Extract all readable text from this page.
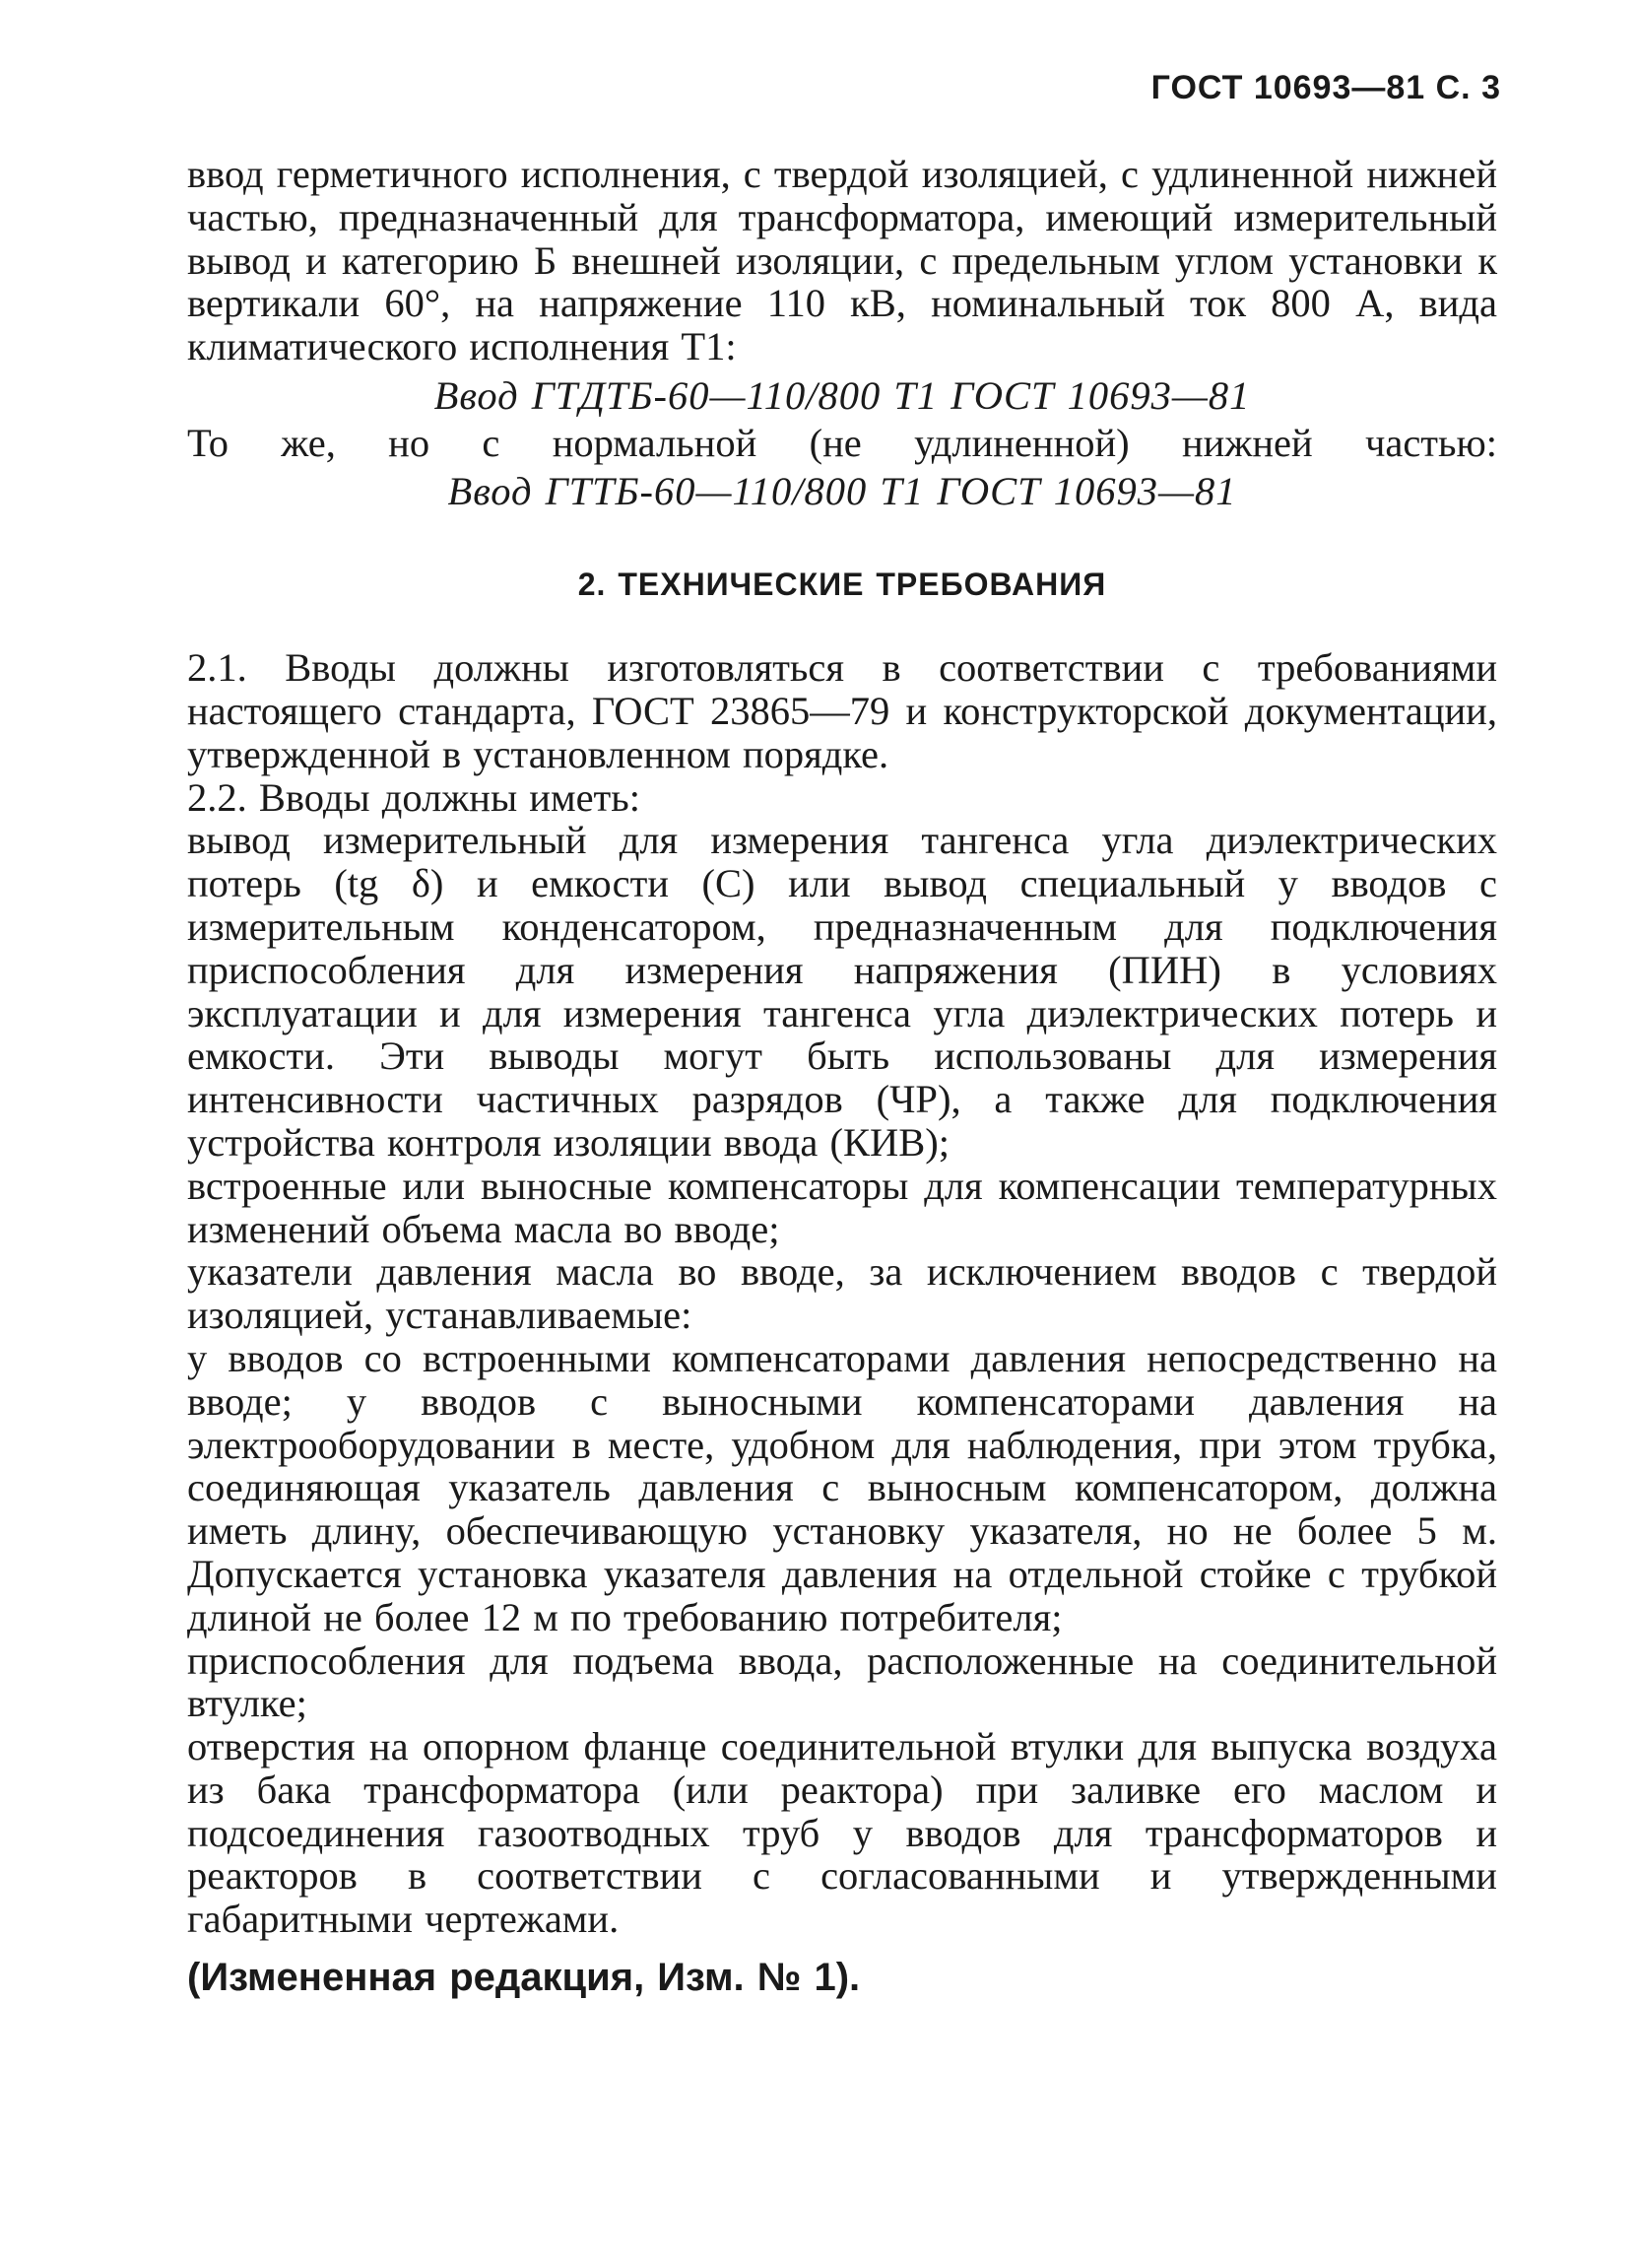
ГОСТ 10693—81 С. 3

ввод герметичного исполнения, с твердой изоляцией, с удлиненной нижней частью, предназначенный для трансформатора, имеющий измерительный вывод и категорию Б внешней изоляции, с предельным углом установки к вертикали 60°, на напряжение 110 кВ, номинальный ток 800 А, вида климатического исполнения Т1:

Ввод ГТДТБ-60—110/800 Т1 ГОСТ 10693—81

То же, но с нормальной (не удлиненной) нижней частью:

Ввод ГТТБ-60—110/800 Т1 ГОСТ 10693—81

2. ТЕХНИЧЕСКИЕ ТРЕБОВАНИЯ

2.1. Вводы должны изготовляться в соответствии с требованиями настоящего стандарта, ГОСТ 23865—79 и конструкторской документации, утвержденной в установленном порядке.

2.2. Вводы должны иметь:

вывод измерительный для измерения тангенса угла диэлектрических потерь (tg δ) и емкости (С) или вывод специальный у вводов с измерительным конденсатором, предназначенным для подключения приспособления для измерения напряжения (ПИН) в условиях эксплуатации и для измерения тангенса угла диэлектрических потерь и емкости. Эти выводы могут быть использованы для измерения интенсивности частичных разрядов (ЧР), а также для подключения устройства контроля изоляции ввода (КИВ);

встроенные или выносные компенсаторы для компенсации температурных изменений объема масла во вводе;

указатели давления масла во вводе, за исключением вводов с твердой изоляцией, устанавливаемые:

у вводов со встроенными компенсаторами давления непосредственно на вводе; у вводов с выносными компенсаторами давления на электрооборудовании в месте, удобном для наблюдения, при этом трубка, соединяющая указатель давления с выносным компенсатором, должна иметь длину, обеспечивающую установку указателя, но не более 5 м. Допускается установка указателя давления на отдельной стойке с трубкой длиной не более 12 м по требованию потребителя;

приспособления для подъема ввода, расположенные на соединительной втулке;

отверстия на опорном фланце соединительной втулки для выпуска воздуха из бака трансформатора (или реактора) при заливке его маслом и подсоединения газоотводных труб у вводов для трансформаторов и реакторов в соответствии с согласованными и утвержденными габаритными чертежами.

(Измененная редакция, Изм. № 1).
